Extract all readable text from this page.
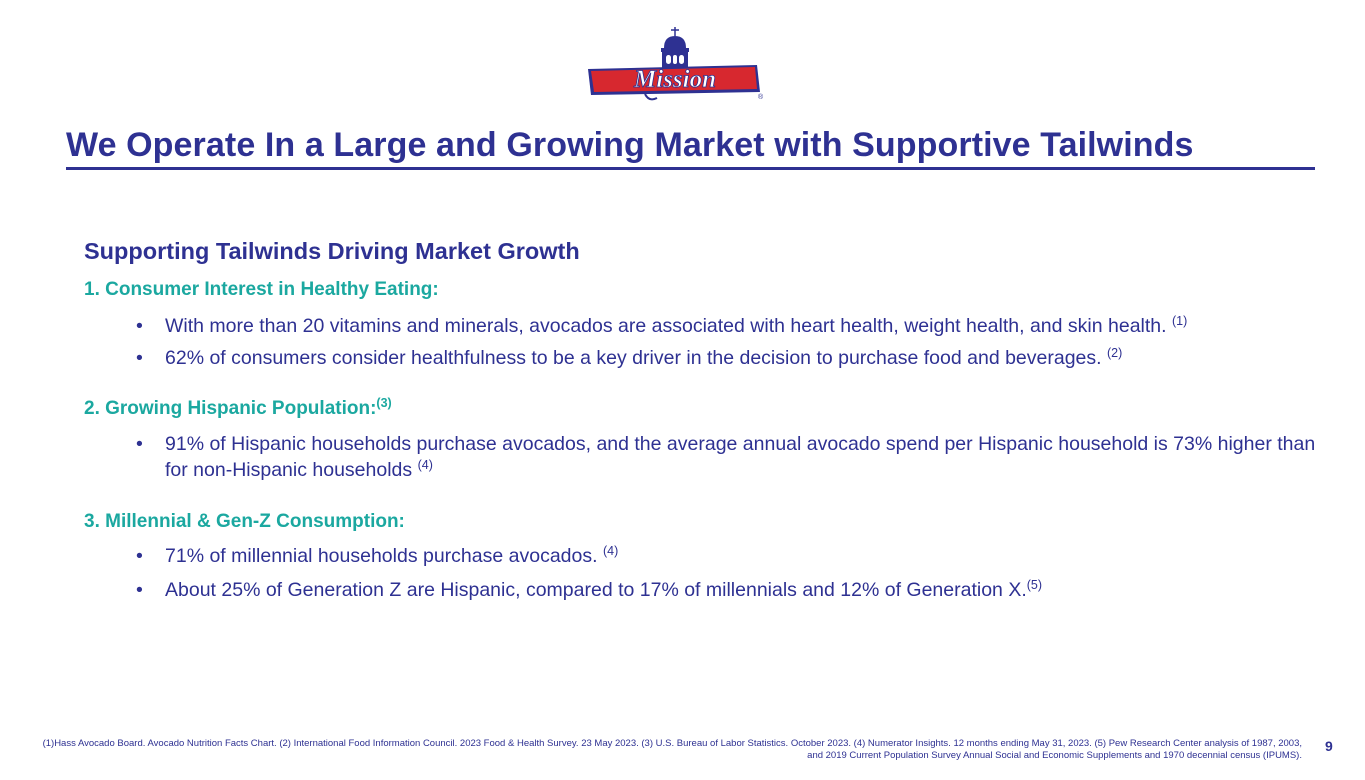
Mission
®
We Operate In a Large and Growing Market with Supportive Tailwinds
Supporting Tailwinds Driving Market Growth
1. Consumer Interest in Healthy Eating:

•	With more than 20 vitamins and minerals, avocados are associated with heart health, weight health, and skin health. $^{(1)}$

•	62% of consumers consider healthfulness to be a key driver in the decision to purchase food and beverages. $^{(2)}$

2. Growing Hispanic Population:$^{(3)}$

•	91% of Hispanic households purchase avocados, and the average annual avocado spend per Hispanic household is 73% higher than for non-Hispanic households $^{(4)}$

3. Millennial & Gen-Z Consumption:

•	71% of millennial households purchase avocados. $^{(4)}$

•	About 25% of Generation Z are Hispanic, compared to 17% of millennials and 12% of Generation X.$^{(5)}$

(1)Hass Avocado Board. Avocado Nutrition Facts Chart. (2) International Food Information Council. 2023 Food & Health Survey. 23 May 2023. (3) U.S. Bureau of Labor Statistics. October 2023. (4) Numerator Insights. 12 months ending May 31, 2023. (5) Pew Research Center analysis of 1987, 2003, and 2019 Current Population Survey Annual Social and Economic Supplements and 1970 decennial census (IPUMS).
9
